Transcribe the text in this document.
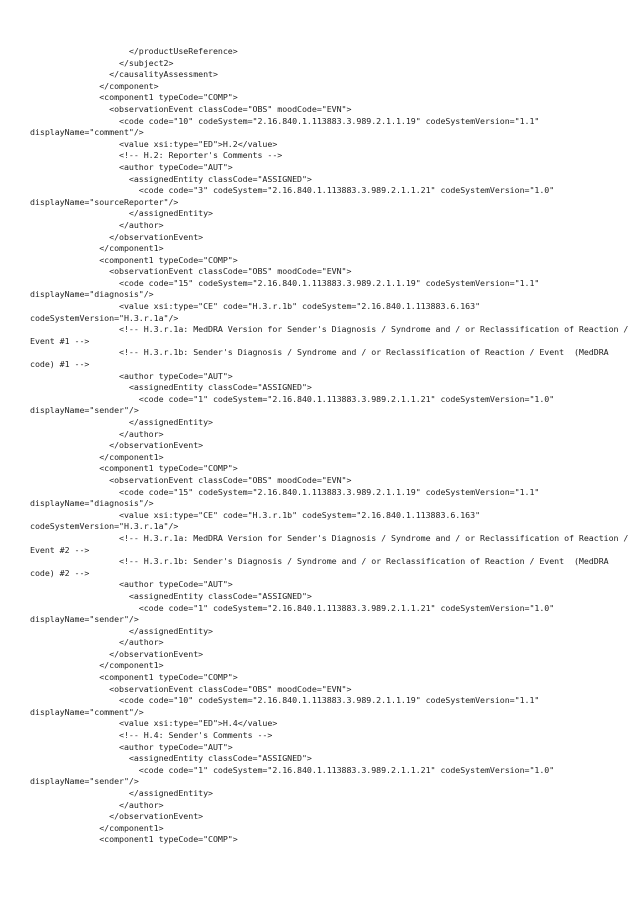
</productUseReference>
</subject2>
</causalityAssessment>
</component>
<component1 typeCode="COMP">
<observationEvent classCode="OBS" moodCode="EVN">
<code code="10" codeSystem="2.16.840.1.113883.3.989.2.1.1.19" codeSystemVersion="1.1"
displayName="comment"/>
<value xsi:type="ED">H.2</value>
<!-- H.2: Reporter's Comments -->
<author typeCode="AUT">
<assignedEntity classCode="ASSIGNED">
<code code="3" codeSystem="2.16.840.1.113883.3.989.2.1.1.21" codeSystemVersion="1.0"
displayName="sourceReporter"/>
</assignedEntity>
</author>
</observationEvent>
</component1>
<component1 typeCode="COMP">
<observationEvent classCode="OBS" moodCode="EVN">
<code code="15" codeSystem="2.16.840.1.113883.3.989.2.1.1.19" codeSystemVersion="1.1"
displayName="diagnosis"/>
<value xsi:type="CE" code="H.3.r.1b" codeSystem="2.16.840.1.113883.6.163"
codeSystemVersion="H.3.r.1a"/>
<!-- H.3.r.1a: MedDRA Version for Sender's Diagnosis / Syndrome and / or Reclassification of Reaction /
Event #1 -->
<!-- H.3.r.1b: Sender's Diagnosis / Syndrome and / or Reclassification of Reaction / Event  (MedDRA
code) #1 -->
<author typeCode="AUT">
<assignedEntity classCode="ASSIGNED">
<code code="1" codeSystem="2.16.840.1.113883.3.989.2.1.1.21" codeSystemVersion="1.0"
displayName="sender"/>
</assignedEntity>
</author>
</observationEvent>
</component1>
<component1 typeCode="COMP">
<observationEvent classCode="OBS" moodCode="EVN">
<code code="15" codeSystem="2.16.840.1.113883.3.989.2.1.1.19" codeSystemVersion="1.1"
displayName="diagnosis"/>
<value xsi:type="CE" code="H.3.r.1b" codeSystem="2.16.840.1.113883.6.163"
codeSystemVersion="H.3.r.1a"/>
<!-- H.3.r.1a: MedDRA Version for Sender's Diagnosis / Syndrome and / or Reclassification of Reaction /
Event #2 -->
<!-- H.3.r.1b: Sender's Diagnosis / Syndrome and / or Reclassification of Reaction / Event  (MedDRA
code) #2 -->
<author typeCode="AUT">
<assignedEntity classCode="ASSIGNED">
<code code="1" codeSystem="2.16.840.1.113883.3.989.2.1.1.21" codeSystemVersion="1.0"
displayName="sender"/>
</assignedEntity>
</author>
</observationEvent>
</component1>
<component1 typeCode="COMP">
<observationEvent classCode="OBS" moodCode="EVN">
<code code="10" codeSystem="2.16.840.1.113883.3.989.2.1.1.19" codeSystemVersion="1.1"
displayName="comment"/>
<value xsi:type="ED">H.4</value>
<!-- H.4: Sender's Comments -->
<author typeCode="AUT">
<assignedEntity classCode="ASSIGNED">
<code code="1" codeSystem="2.16.840.1.113883.3.989.2.1.1.21" codeSystemVersion="1.0"
displayName="sender"/>
</assignedEntity>
</author>
</observationEvent>
</component1>
<component1 typeCode="COMP">
